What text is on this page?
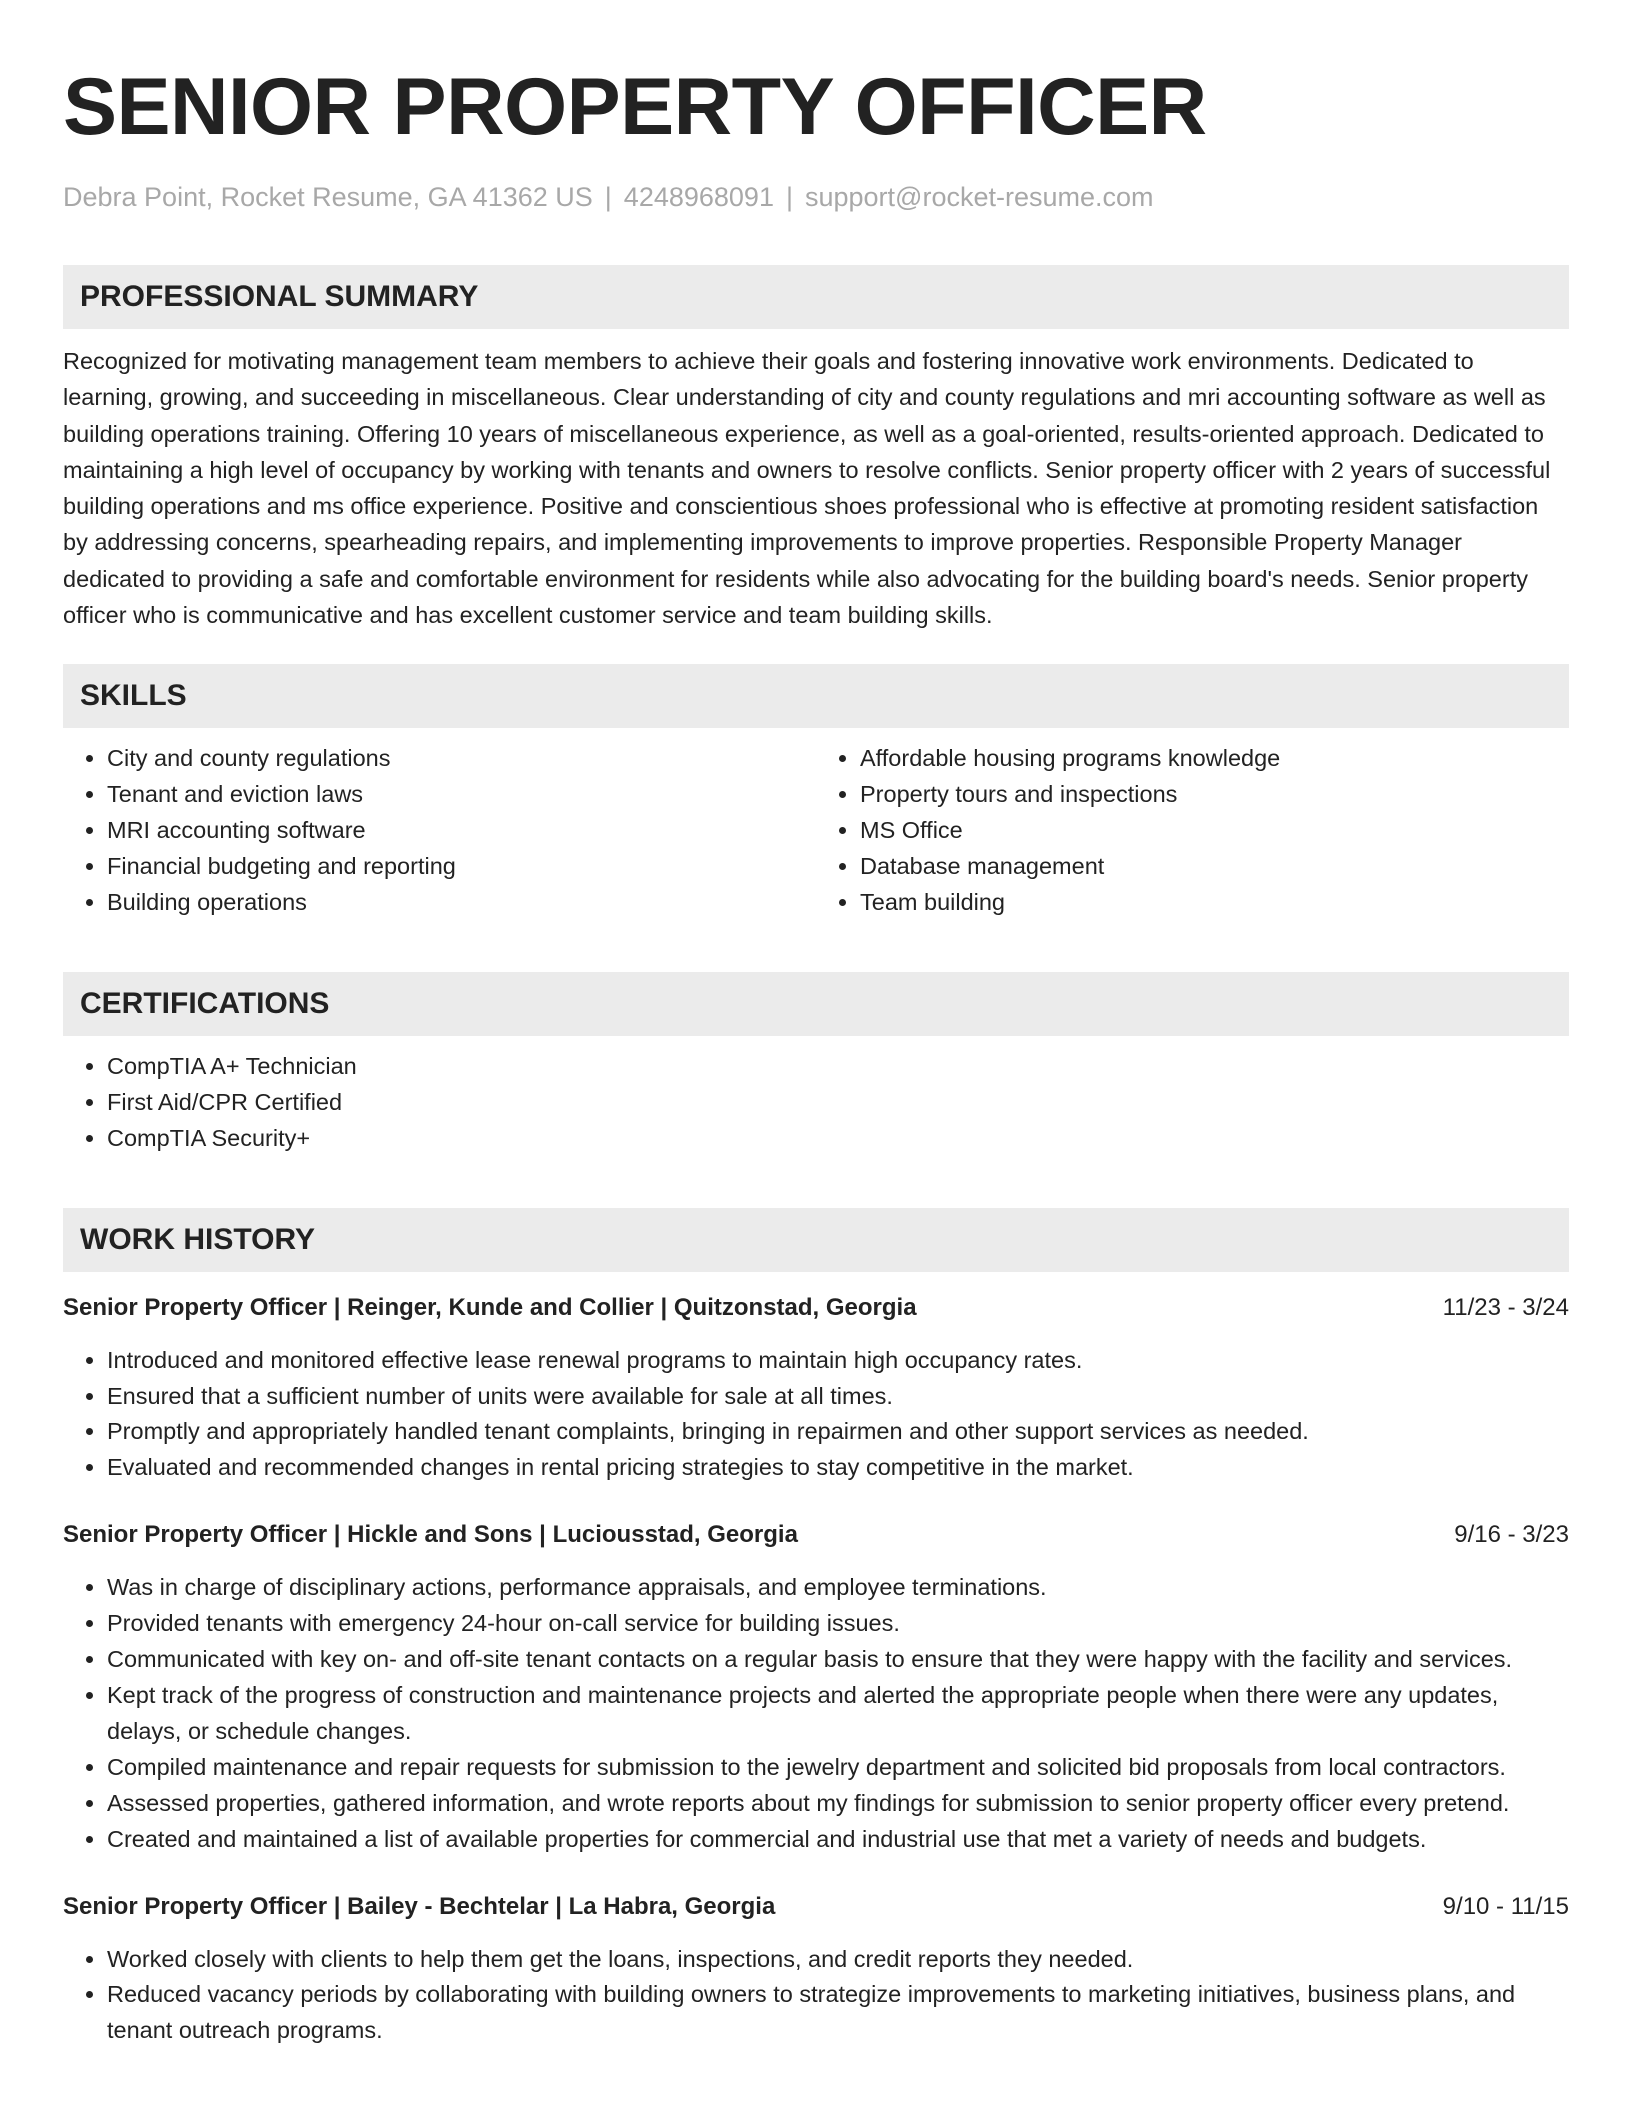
SENIOR PROPERTY OFFICER
Debra Point, Rocket Resume, GA 41362 US | 4248968091 | support@rocket-resume.com
PROFESSIONAL SUMMARY

Recognized for motivating management team members to achieve their goals and fostering innovative work environments. Dedicated to learning, growing, and succeeding in miscellaneous. Clear understanding of city and county regulations and mri accounting software as well as building operations training. Offering 10 years of miscellaneous experience, as well as a goal-oriented, results-oriented approach. Dedicated to maintaining a high level of occupancy by working with tenants and owners to resolve conflicts. Senior property officer with 2 years of successful building operations and ms office experience. Positive and conscientious shoes professional who is effective at promoting resident satisfaction by addressing concerns, spearheading repairs, and implementing improvements to improve properties. Responsible Property Manager dedicated to providing a safe and comfortable environment for residents while also advocating for the building board's needs. Senior property officer who is communicative and has excellent customer service and team building skills.

SKILLS
• City and county regulations
• Tenant and eviction laws
• MRI accounting software
• Financial budgeting and reporting
• Building operations
• Affordable housing programs knowledge
• Property tours and inspections
• MS Office
• Database management
• Team building
CERTIFICATIONS
• CompTIA A+ Technician
• First Aid/CPR Certified
• CompTIA Security+
WORK HISTORY
Senior Property Officer | Reinger, Kunde and Collier | Quitzonstad, Georgia	11/23 - 3/24
• Introduced and monitored effective lease renewal programs to maintain high occupancy rates.
• Ensured that a sufficient number of units were available for sale at all times.
• Promptly and appropriately handled tenant complaints, bringing in repairmen and other support services as needed.
• Evaluated and recommended changes in rental pricing strategies to stay competitive in the market.
Senior Property Officer | Hickle and Sons | Luciousstad, Georgia	9/16 - 3/23
• Was in charge of disciplinary actions, performance appraisals, and employee terminations.
• Provided tenants with emergency 24-hour on-call service for building issues.
• Communicated with key on- and off-site tenant contacts on a regular basis to ensure that they were happy with the facility and services.
• Kept track of the progress of construction and maintenance projects and alerted the appropriate people when there were any updates, delays, or schedule changes.
• Compiled maintenance and repair requests for submission to the jewelry department and solicited bid proposals from local contractors.
• Assessed properties, gathered information, and wrote reports about my findings for submission to senior property officer every pretend.
• Created and maintained a list of available properties for commercial and industrial use that met a variety of needs and budgets.
Senior Property Officer | Bailey - Bechtelar | La Habra, Georgia	9/10 - 11/15
• Worked closely with clients to help them get the loans, inspections, and credit reports they needed.
• Reduced vacancy periods by collaborating with building owners to strategize improvements to marketing initiatives, business plans, and tenant outreach programs.
